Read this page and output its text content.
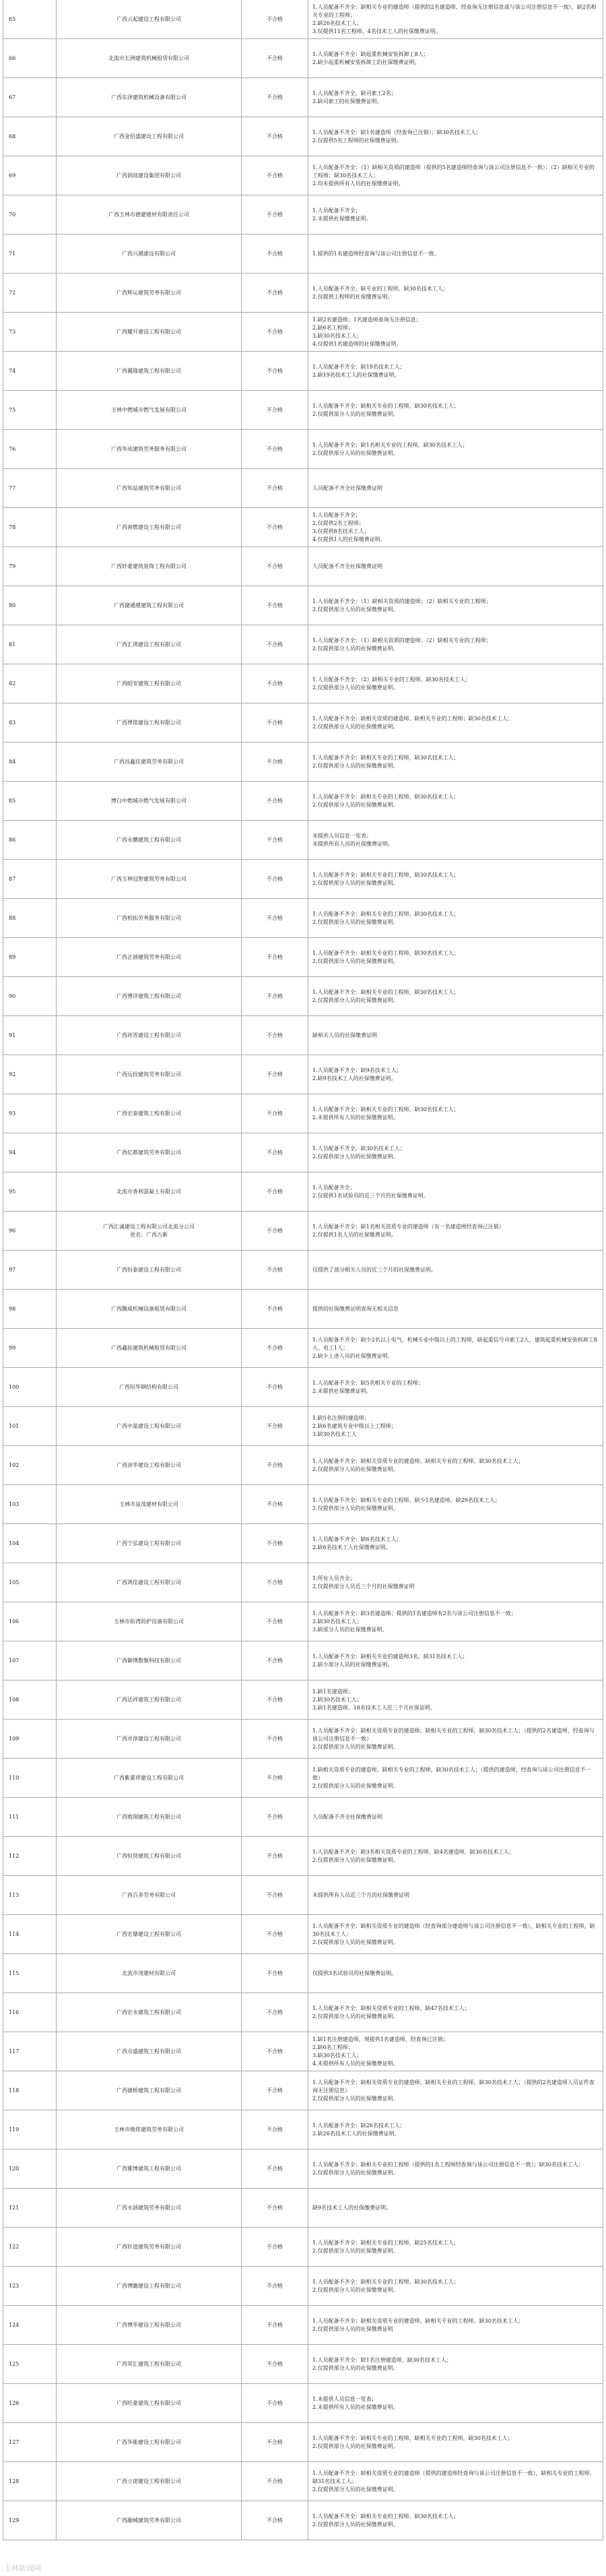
65	广西云起建设工程有限公司	不合格
1.人员配备不齐全：缺相关专业的建造师（提供的2名建造师，经查询无注册信息或与该公司注册信息不一致），缺2名相关专业的工程师；
2.缺26名技术工人；
3.仅提供11名工程师、4名技术工人的社保缴费证明。
66	北流市长洲建筑机械租赁有限公司	不合格
1.人员配备不齐全：缺起重机械安装拆卸工8人；
2.缺少起重机械安装拆卸工的社保缴费证明。
67	广西东泽建筑机械设备有限公司	不合格
1.人员配备不齐全，缺司索工2名；
2.缺司索工的社保缴费证明。
68	广西金佰盛建设工程有限公司	不合格
1.人员配备不齐全：缺1名建造师（经查询已注销）；缺30名技术工人；
2.仅提供5名工程师的社保缴费证明。
69	广西润琼建设集团有限公司	不合格
1.人员配备不齐全：（1）缺相关资质的建造师（提供的5名建造师经查询与该公司注册信息不一致）；（2）缺相关专业的工程师；缺30名技术工人；
2.均未提供所有人员的社保缴费证明。
70	广西玉林市德建建材有限责任公司	不合格
1.人员配备不齐全；
2.未提供社保缴费证明。
71	广西兴越建设有限公司	不合格	1.提供的1名建造师经查询与该公司注册信息不一致。
72	广西辉运建筑劳务有限公司	不合格
1.人员配备不齐全，缺专业的工程师，缺30名技术工人；
2.仅提供工程师的社保缴费证明。
73	广西耀开建设工程有限公司	不合格
1.缺2名建造师；1名建造师查询无注册信息；
2.缺6名工程师；
3.缺30名技术工人；
4.仅提供1名建造师的社保缴费证明。
74	广西翼隆建筑工程有限公司	不合格
1.人员配备不齐全：缺19名技术工人；
2.缺19名技术工人的社保缴费证明。
75	玉林中燃城市燃气发展有限公司	不合格
1.人员配备不齐全：缺相关专业的工程师，缺30名技术工人；
2.仅提供部分人员的社保缴费证明。
76	广西华成建筑劳务服务有限公司	不合格
1.人员配备不齐全：缺1名相关专业的工程师，缺30名技术工人；
2.仅提供部分人员的社保缴费证明。
77	广西知益建筑劳务有限公司	不合格	人员配备不齐全社保缴费证明
78	广西南燃建设工程有限公司	不合格
1.人员配备不齐全；
2.仅提供2名工程师；
3.仅提供8名技术工人；
4.仅提供1人的社保缴费证明。
79	广西轩豪建筑装饰工程有限公司	不合格	人员配备不齐全社保缴费证明
80	广西捷通越建筑工程有限公司	不合格
1.人员配备不齐全：（1）缺相关资质的建造师；（2）缺相关专业的工程师；
2.仅提供部分人员的社保缴费证明。
81	广西汇鸿建设工程有限公司	不合格
1.人员配备不齐全：（1）缺相关资质的建造师；（2）缺相关专业的工程师；
2.仅提供部分人员的社保缴费证明。
82	广西昭安建筑工程有限公司	不合格
1.人员配备不齐全：（2）缺相关专业的工程师，缺30名技术工人；
2.仅提供部分人员的社保缴费证明。
83	广西博铭建设工程有限公司	不合格
1.人员配备不齐全：缺相关资质的建造师、缺相关专业的工程师；缺30名技术工人；
2.仅提供部分人员的社保缴费证明。
84	广西昌鑫佳建筑劳务有限公司	不合格
1.人员配备不齐全：缺相关专业的工程师，缺30名技术工人；
2.仅提供部分人员的社保缴费证明。
85	博白中燃城市燃气发展有限公司	不合格
1.人员配备不齐全：缺相关专业的工程师，缺30名技术工人；
2.仅提供部分人员的社保缴费证明。
86	广西永鹏建筑工程有限公司	不合格
未提供人员信息一览表；
未提供所有人员的社保缴费证明。
87	广西玉林冠智建筑劳务有限公司	不合格
1.人员配备不齐全：缺相关专业的工程师，缺30名技术工人；
2.仅提供部分人员的社保缴费证明。
88	广西柏拓劳务服务有限公司	不合格
1.人员配备不齐全：缺相关专业的工程师，缺30名技术工人；
2.仅提供部分人员的社保缴费证明。
89	广西正涵建筑劳务有限公司	不合格
1.人员配备不齐全：缺相关专业的工程师，缺30名技术工人；
2.仅提供部分人员的社保缴费证明。
90	广西博洋建筑工程有限公司	不合格
1.人员配备不齐全：缺相关专业的工程师，缺30名技术工人；
2.仅提供部分人员的社保缴费证明。
91	广西祥晋建设工程有限公司	不合格	缺相关人员的社保缴费证明
92	广西远投建筑劳务有限公司	不合格
1.人员配备不齐全：缺9名技术工人；
2.缺9名技术工人的社保缴费证明。
93	广西宏泰建筑工程有限公司	不合格
1.人员配备不齐全：缺相关专业的工程师，缺30名技术工人；
2.未提供所有人员的社保缴费证明。
94	广西亿都建筑劳务有限公司	不合格
1.人员配备不齐全，缺30名技术工人；
2.仅提供部分人员的社保缴费证明。
95	北流市香利混凝土有限公司	不合格
1.人员配备齐全；
2.仅提供1名试验员的近三个月的社保缴费证明。
96
广西汇诚建设工程有限公司北流分公司
更名：广西古新
不合格
1.人员配备不齐全：缺1名相关资质专业的建造师（有一名建造师经查询已注销）
2.仅提供1名人员的社保缴费证明。
97	广西恒泰建设工程有限公司	不合格	仅提供了部分相关人员的近三个月的社保缴费证明。
98	广西腾威机械设备租赁有限公司	不合格	提供的社保缴费证明查询无相关信息
99	广西鑫拓建筑机械租赁有限公司	不合格
1.人员配备不齐全：缺少2名以上电气、机械专业中级以上的工程师，缺起重信号司索工2人、建筑起重机械安装拆卸工8人、电工1人；
2.缺少上述人员的社保缴费证明。
100	广西恒华钢结构有限公司	不合格
1.人员配备不齐全：缺5名相关专业的工程师；
2.未提供社保缴费证明。
101	广西中盈建设工程有限公司	不合格
1.缺5名注册的建造师；
2.缺6名建筑专业中级以上工程师；
3.缺30名技术工人
102	广西沛华建设工程有限公司	不合格
1.人员配备不齐全：缺相关资质专业的建造师、缺相关专业的工程师，缺30名技术工人；
2.仅提供部分人员的社保缴费证明。
103	玉林市益茂建材有限公司	不合格
1.人员配备不齐全：缺相关专业的工程师，缺少1名建造师，缺29名技术工人；
2.仅提供部分人员的社保缴费证明。
104	广西宁弘建设工程有限公司	不合格
1.人员配备不齐全：缺6名技术工人；
2.缺6名技术工人社保缴费证明。
105	广西鸿佳建设工程有限公司	不合格
1.所有人员齐全；
2.仅提供部分人员近三个月的社保缴费证明
106	玉林市佑湾防护设备有限公司	不合格
1.人员配备不齐全：缺3名建造师；提供的1名建造师有2名与该公司注册信息不一致；
2.缺30名技术工人；
3.缺部分人员的社保缴费证明。
107	广西御璞数聚科技有限公司	不合格
1.人员配备不齐全：缺相关专业的建造师3名，缺31名技术工人；
2.缺少部分人员的社保缴费证明。
108	广西达祥建筑工程有限公司	不合格
1.缺1名建造师；
2.缺30名技术工人；
3.缺1名建造师、18名技术工人近三个月社保证明。
109	广西卓淳建设工程有限公司	不合格
1.人员配备不齐全：缺相关资质专业的建造师、缺相关专业的工程师，缺30名技术工人；（提供的2名建造师，经查询与该公司注册信息不一致）
2.仅提供部分人员的社保缴费证明。
110	广西紫嘉祥建设工程有限公司	不合格
1.缺相关资质专业的建造师，缺相关专业的工程师，缺30名技术工人；（提供的建造师，经查询与该公司注册信息不一致）
2.仅提供部分人员的社保缴费证明。
111	广西致翔建筑工程有限公司	不合格	人员配备不齐全社保缴费证明
112	广西恒贤建筑工程有限公司	不合格
1.人员配备不齐全：缺3名相关资质专业的工程师，缺4名建造师，缺30名技术工人；
2.仅提供部分人员的社保缴费证明。
113	广西百多劳务有限公司	不合格	未提供所有人员近三个月的社保缴费证明
114	广西宏鼎建设工程有限公司	不合格
1.人员配备不齐全：缺相关资质专业的建造师（经查询部分建造师与该公司注册信息不一致），缺相关专业的工程师，缺30名技术工人；
2.仅提供部分人员的社保缴费证明。
115	北流市茂建材有限公司	不合格	仅提供3名试验员的社保缴费证明。
116	广西宏永建筑工程有限公司	不合格
1.人员配备不齐全：缺相关资质专业的工程师，缺47名技术工人；
2.仅提供部分人员的社保缴费证明。
117	广西众盛建筑工程有限公司	不合格
1.缺1名注册建造师，现提供1名建造师，经查询已注销；
2.缺6名工程师；
3.缺30名技术工人；
4.未提供所有人员的社保缴费证明。
118	广西捷桥建筑工程有限公司	不合格
1.人员配备不齐全：缺相关资质专业的建造师、缺相关专业的工程师，缺30名技术工人；（提供的2名建造师人员证件查询无注册信息）
2.仅提供部分人员的社保缴费证明。
119	玉林市焕铭建筑劳务有限公司	不合格
1.人员配备不齐全：缺26名技术工人；
2.缺26名技术工人的社保缴费证明。
120	广西雅博建筑工程有限公司	不合格
1.人员配备不齐全：缺相关专业的工程师（提供的1名工程师经查询与该公司注册信息不一致）；缺30名技术工人；
2.仅提供部分人员的社保缴费证明。
121	广西永涵建筑劳务有限公司	不合格	缺9名技术工人的社保缴费证明。
122	广西轩道建筑劳务有限公司	不合格
1.人员配备不齐全：缺相关专业的工程师，缺25名技术工人；
2.仅提供部分人员的社保缴费证明。
123	广西博瞻建设工程有限公司	不合格
1.人员配备不齐全：缺相关专业的工程师，缺30名技术工人；
2.仅提供部分人员的社保缴费证明。
124	广西博华建设工程有限公司	不合格
1.人员配备不齐全：缺相关资质专业的建造师、缺相关专业的工程师，缺30名技术工人；
2.仅提供部分人员的社保缴费证明
125	广西荣汇建筑工程有限公司	不合格
1.人员配备不齐全：缺1名注册建造师，缺30名技术工人；
2.仅提供部分人员的社保缴费证明。
126	广西旺豪建筑工程有限公司	不合格
1.未提供人员信息一览表；
2.未提供所有人员的社保缴费证明。
127	广西华能建设工程有限公司	不合格
1.人员配备不齐全：缺相关专业的工程师，缺相关专业的工程师，缺30名技术工人；
2.仅提供部分人员的社保缴费证明。
128	广西立诺建设工程有限公司	不合格
1.人员配备不齐全：缺相关资质专业的建造师（提供的建造师经查询与该公司注册信息不一致），缺相关专业的工程师，缺31名技术工人；
2.仅提供部分人员的社保缴费证明。
129	广西融城建筑劳务有限公司	不合格
1.人员配备不齐全：缺相关专业的工程师，缺30名技术工人；
2.仅提供部分人员的社保缴费证明。
玉林新闻网
